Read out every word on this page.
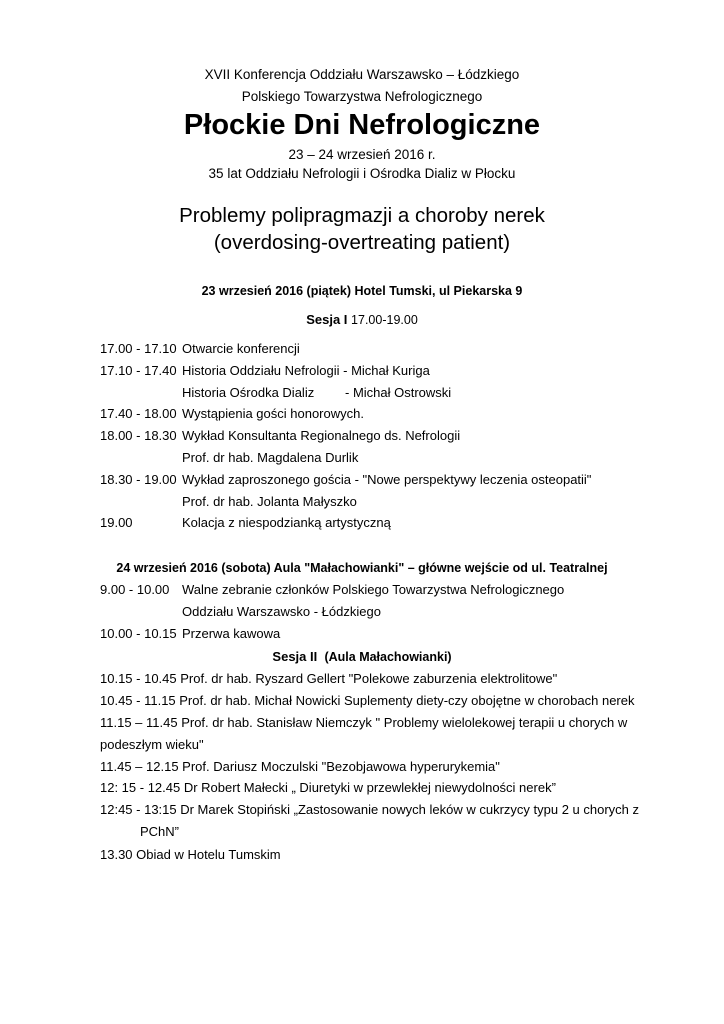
XVII Konferencja Oddziału Warszawsko – Łódzkiego
Polskiego Towarzystwa Nefrologicznego
Płockie Dni Nefrologiczne
23 – 24 wrzesień 2016 r.
35 lat Oddziału Nefrologii i Ośrodka Dializ w Płocku
Problemy polipragmazji a choroby nerek
(overdosing-overtreating patient)
23 wrzesień 2016 (piątek) Hotel Tumski, ul Piekarska 9
Sesja I 17.00-19.00
17.00 - 17.10 Otwarcie konferencji
17.10 - 17.40 Historia Oddziału Nefrologii - Michał Kuriga
Historia Ośrodka Dializ - Michał Ostrowski
17.40 - 18.00 Wystąpienia gości honorowych.
18.00 - 18.30 Wykład Konsultanta Regionalnego ds. Nefrologii
Prof. dr hab. Magdalena Durlik
18.30 - 19.00 Wykład zaproszonego gościa - "Nowe perspektywy leczenia osteopatii"
Prof. dr hab. Jolanta Małyszko
19.00	Kolacja z niespodzianką artystyczną
24 wrzesień 2016 (sobota) Aula "Małachowianki" – główne wejście od ul. Teatralnej
9.00 - 10.00 Walne zebranie członków Polskiego Towarzystwa Nefrologicznego
Oddziału Warszawsko - Łódzkiego
10.00 - 10.15 Przerwa kawowa
Sesja II (Aula Małachowianki)
10.15 - 10.45 Prof. dr hab. Ryszard Gellert "Polekowe zaburzenia elektrolitowe"
10.45 - 11.15 Prof. dr hab. Michał Nowicki Suplementy diety-czy obojętne w chorobach nerek
11.15 – 11.45 Prof. dr hab. Stanisław Niemczyk " Problemy wielolekowej terapii u chorych w
podeszłym wieku"
11.45 – 12.15 Prof. Dariusz Moczulski "Bezobjawowa hyperurykemia"
12: 15 - 12.45 Dr Robert Małecki „ Diuretyki w przewlekłej niewydolności nerek”
12:45 - 13:15 Dr Marek Stopiński „Zastosowanie nowych leków w cukrzycy typu 2 u chorych z
PChN”
13.30 Obiad w Hotelu Tumskim
